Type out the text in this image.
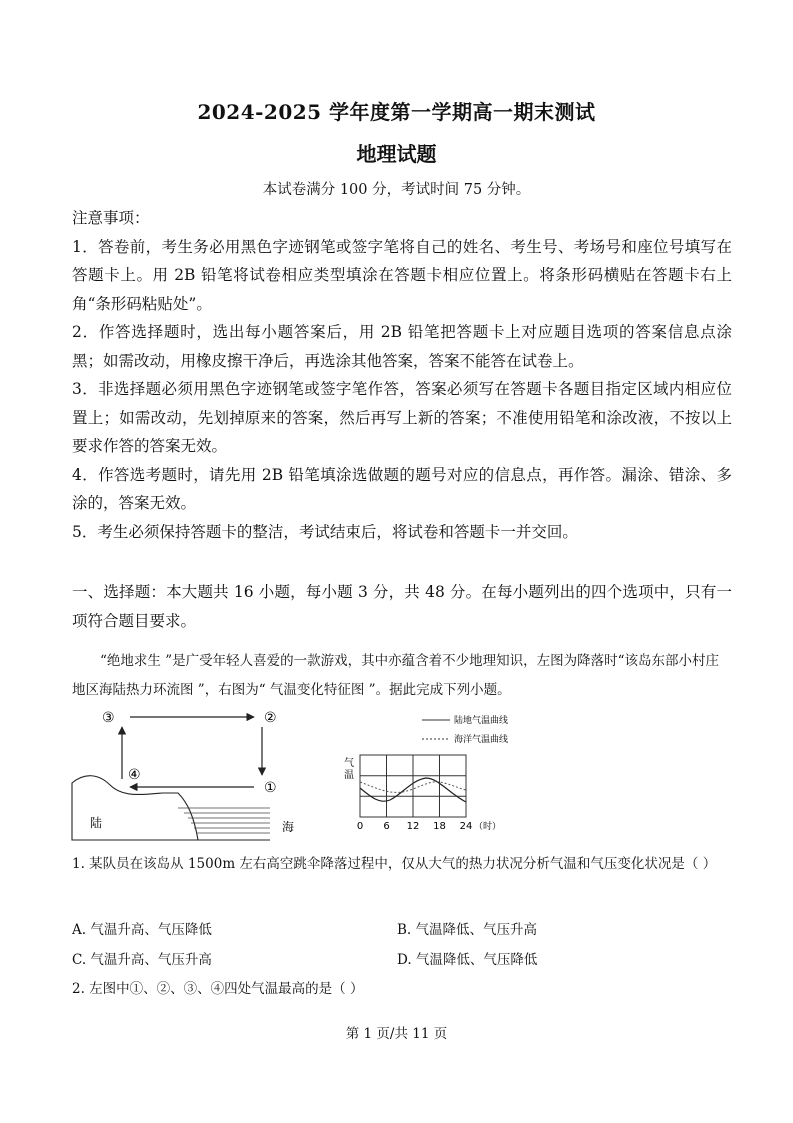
2024-2025 学年度第一学期高一期末测试
地理试题
本试卷满分 100 分，考试时间 75 分钟。
注意事项：
1．答卷前，考生务必用黑色字迹钢笔或签字笔将自己的姓名、考生号、考场号和座位号填写在答题卡上。用 2B 铅笔将试卷相应类型填涂在答题卡相应位置上。将条形码横贴在答题卡右上角“条形码粘贴处”。
2．作答选择题时，选出每小题答案后，用 2B 铅笔把答题卡上对应题目选项的答案信息点涂黑；如需改动，用橡皮擦干净后，再选涂其他答案，答案不能答在试卷上。
3．非选择题必须用黑色字迹钢笔或签字笔作答，答案必须写在答题卡各题目指定区域内相应位置上；如需改动，先划掉原来的答案，然后再写上新的答案；不准使用铅笔和涂改液，不按以上要求作答的答案无效。
4．作答选考题时，请先用 2B 铅笔填涂选做题的题号对应的信息点，再作答。漏涂、错涂、多涂的，答案无效。
5．考生必须保持答题卡的整洁，考试结束后，将试卷和答题卡一并交回。
一、选择题：本大题共 16 小题，每小题 3 分，共 48 分。在每小题列出的四个选项中，只有一项符合题目要求。
“绝地求生 ”是广受年轻人喜爱的一款游戏，其中亦蕴含着不少地理知识，左图为降落时“该岛东部小村庄地区海陆热力环流图 ”，右图为“ 气温变化特征图 ”。据此完成下列小题。
③	②
④
①
陆	海
陆地气温曲线
海洋气温曲线
气
温
0 6 12 18 24 （时）
1. 某队员在该岛从 1500m 左右高空跳伞降落过程中，仅从大气的热力状况分析气温和气压变化状况是（ ）
A. 气温升高、气压降低	B. 气温降低、气压升高
C. 气温升高、气压升高	D. 气温降低、气压降低
2. 左图中①、②、③、④四处气温最高的是（ ）
第 1 页/共 11 页
